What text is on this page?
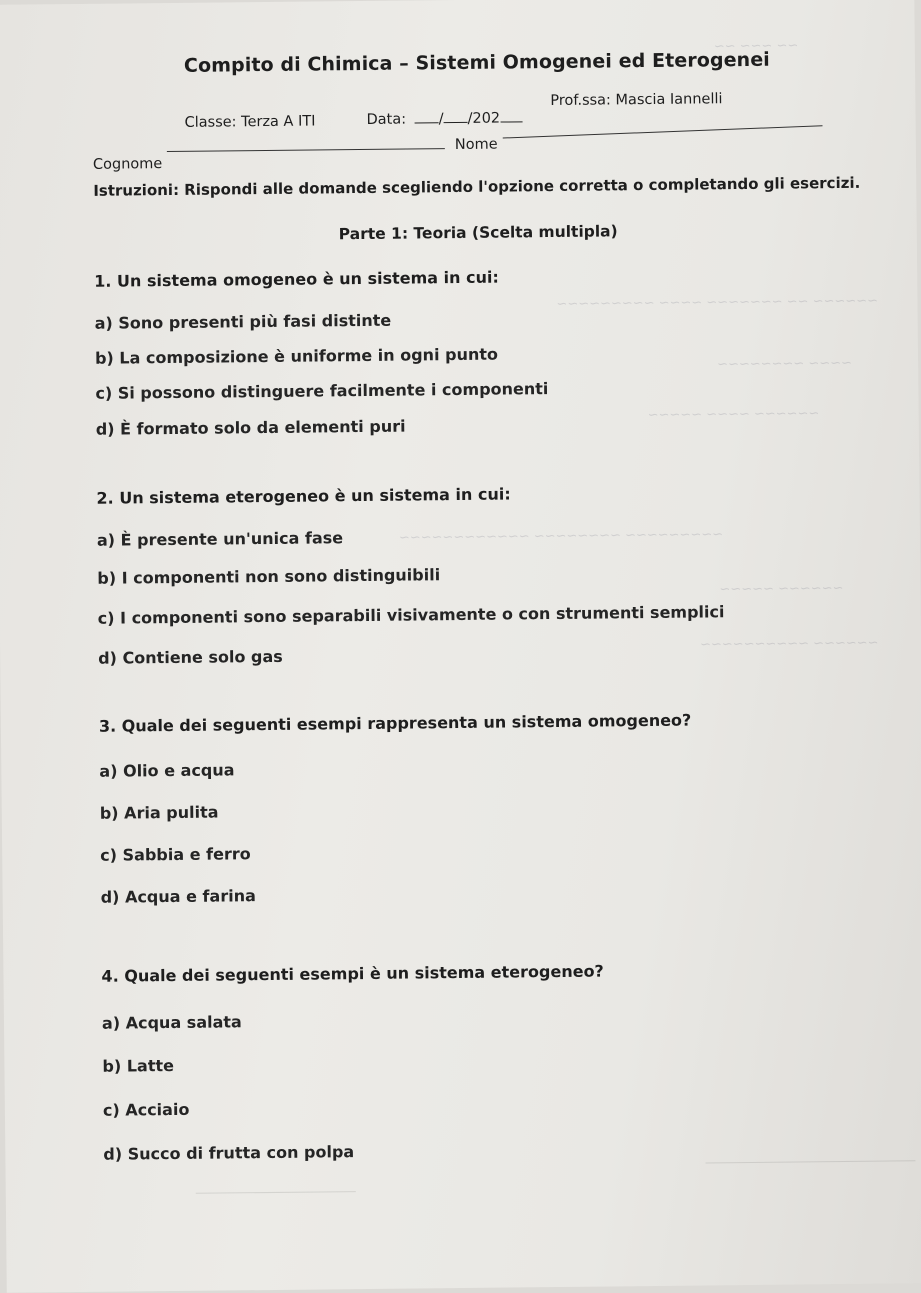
~~ ~~~ ~~
~~~~~~ ~~ ~~~~~~~ ~~~~ ~~~~~~~~~
~~~~ ~~~~~~~~
~~~~~~ ~~~~ ~~~~~
~~~~~~~~~ ~~~~~~~~ ~~~~~~~~~~~~
~~~~~~ ~~~~~
~~~~~~ ~~~~~~~~~~
Compito di Chimica – Sistemi Omogenei ed Eterogenei
Classe: Terza A ITI	Data: / /202
Prof.ssa: Mascia Iannelli
Cognome
Nome
Istruzioni: Rispondi alle domande scegliendo l'opzione corretta o completando gli esercizi.
Parte 1: Teoria (Scelta multipla)
1. Un sistema omogeneo è un sistema in cui:
a) Sono presenti più fasi distinte
b) La composizione è uniforme in ogni punto
c) Si possono distinguere facilmente i componenti
d) È formato solo da elementi puri
2. Un sistema eterogeneo è un sistema in cui:
a) È presente un'unica fase
b) I componenti non sono distinguibili
c) I componenti sono separabili visivamente o con strumenti semplici
d) Contiene solo gas
3. Quale dei seguenti esempi rappresenta un sistema omogeneo?
a) Olio e acqua
b) Aria pulita
c) Sabbia e ferro
d) Acqua e farina
4. Quale dei seguenti esempi è un sistema eterogeneo?
a) Acqua salata
b) Latte
c) Acciaio
d) Succo di frutta con polpa
